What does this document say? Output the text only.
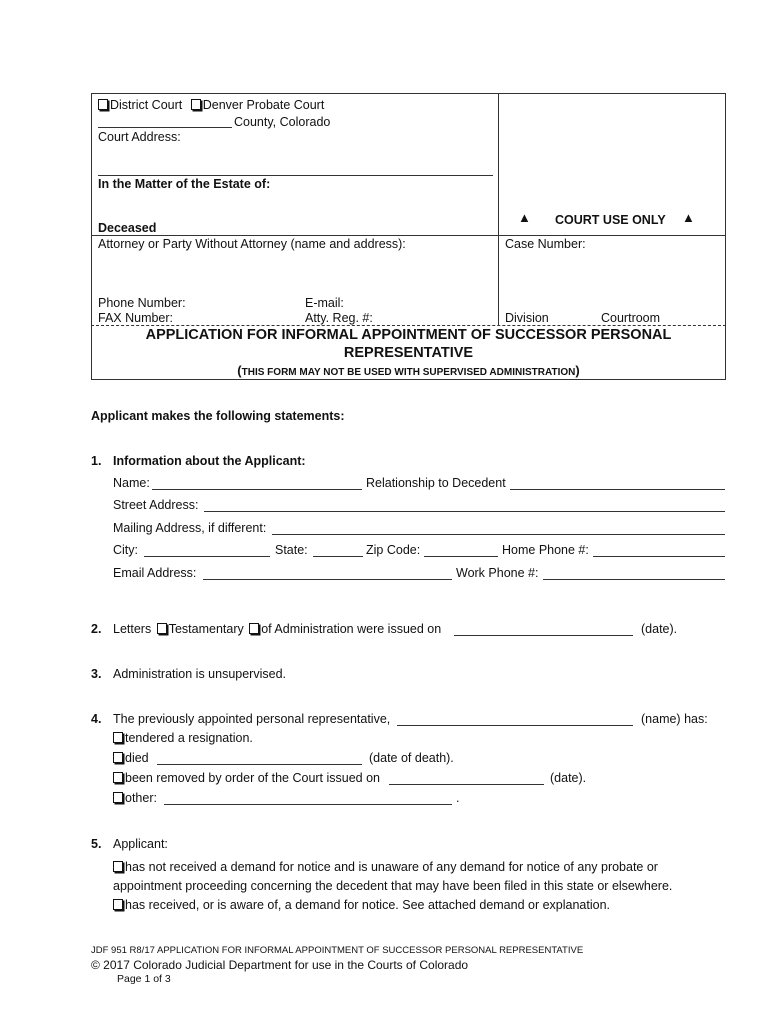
District Court Denver Probate Court
County, Colorado
Court Address:
In the Matter of the Estate of:
Deceased
▲ COURT USE ONLY ▲
Attorney or Party Without Attorney (name and address):	Case Number:
Phone Number:	E-mail:
FAX Number:	Atty. Reg. #:	Division	Courtroom
APPLICATION FOR INFORMAL APPOINTMENT OF SUCCESSOR PERSONAL
REPRESENTATIVE
(THIS FORM MAY NOT BE USED WITH SUPERVISED ADMINISTRATION)
Applicant makes the following statements:
1. Information about the Applicant:
Name:	Relationship to Decedent
Street Address:
Mailing Address, if different:
City:	State:	Zip Code:	Home Phone #:
Email Address:	Work Phone #:
2. Letters Testamentary of Administration were issued on	(date).
3. Administration is unsupervised.
4. The previously appointed personal representative,	(name) has:
tendered a resignation.
died	(date of death).
been removed by order of the Court issued on	(date).
other:	.
5. Applicant:
has not received a demand for notice and is unaware of any demand for notice of any probate or
appointment proceeding concerning the decedent that may have been filed in this state or elsewhere.
has received, or is aware of, a demand for notice. See attached demand or explanation.
JDF 951 R8/17 APPLICATION FOR INFORMAL APPOINTMENT OF SUCCESSOR PERSONAL REPRESENTATIVE
© 2017 Colorado Judicial Department for use in the Courts of Colorado
Page 1 of 3
